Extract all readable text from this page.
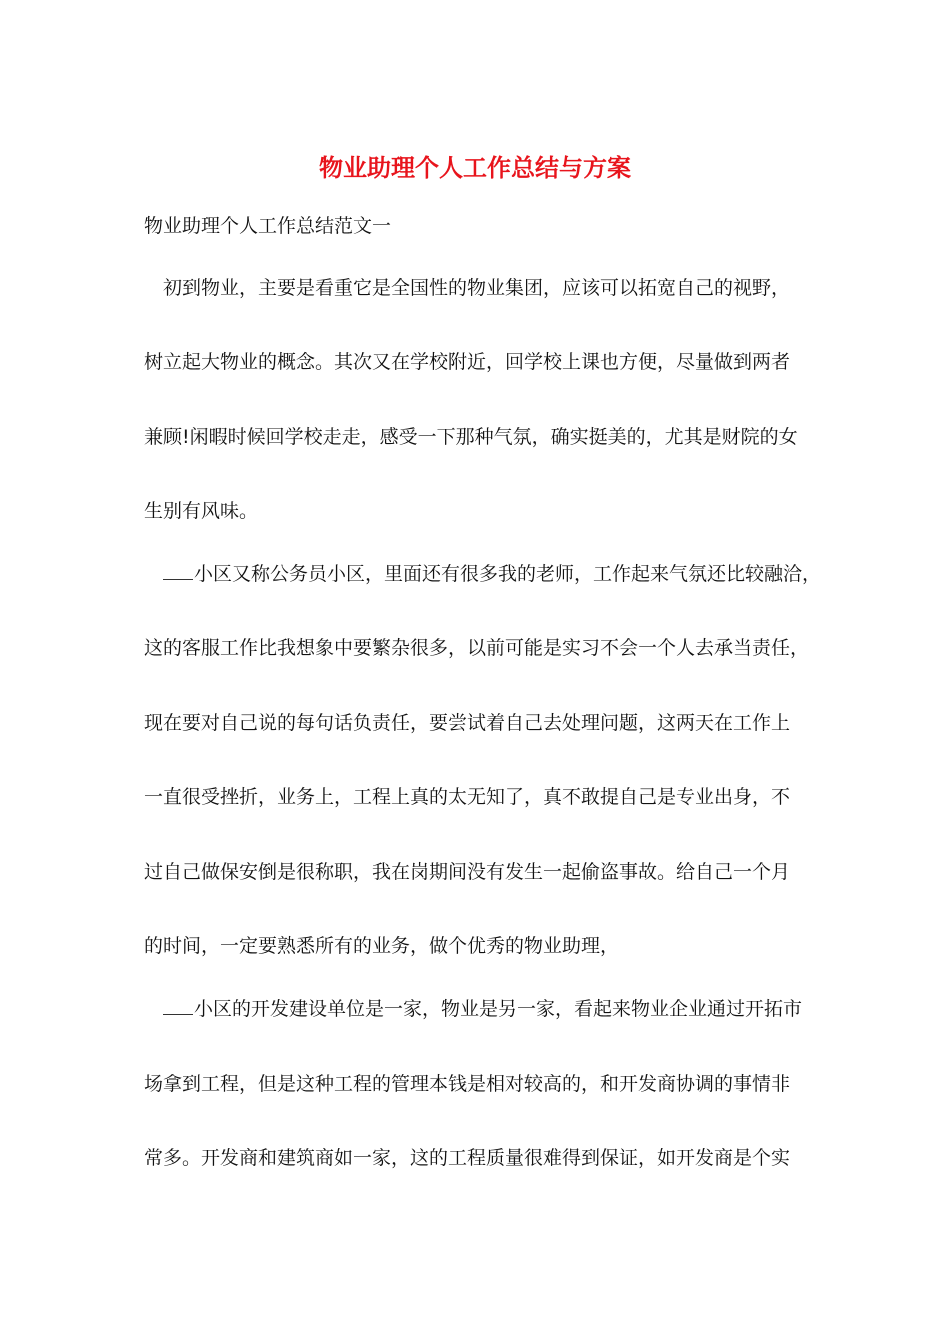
物业助理个人工作总结与方案
物业助理个人工作总结范文一
初到物业，主要是看重它是全国性的物业集团，应该可以拓宽自己的视野，
树立起大物业的概念。其次又在学校附近，回学校上课也方便，尽量做到两者
兼顾!闲暇时候回学校走走，感受一下那种气氛，确实挺美的，尤其是财院的女
生别有风味。
小区又称公务员小区，里面还有很多我的老师，工作起来气氛还比较融洽，
这的客服工作比我想象中要繁杂很多，以前可能是实习不会一个人去承当责任，
现在要对自己说的每句话负责任，要尝试着自己去处理问题，这两天在工作上
一直很受挫折，业务上，工程上真的太无知了，真不敢提自己是专业出身，不
过自己做保安倒是很称职，我在岗期间没有发生一起偷盗事故。给自己一个月
的时间，一定要熟悉所有的业务，做个优秀的物业助理，
小区的开发建设单位是一家，物业是另一家，看起来物业企业通过开拓市
场拿到工程，但是这种工程的管理本钱是相对较高的，和开发商协调的事情非
常多。开发商和建筑商如一家，这的工程质量很难得到保证，如开发商是个实
